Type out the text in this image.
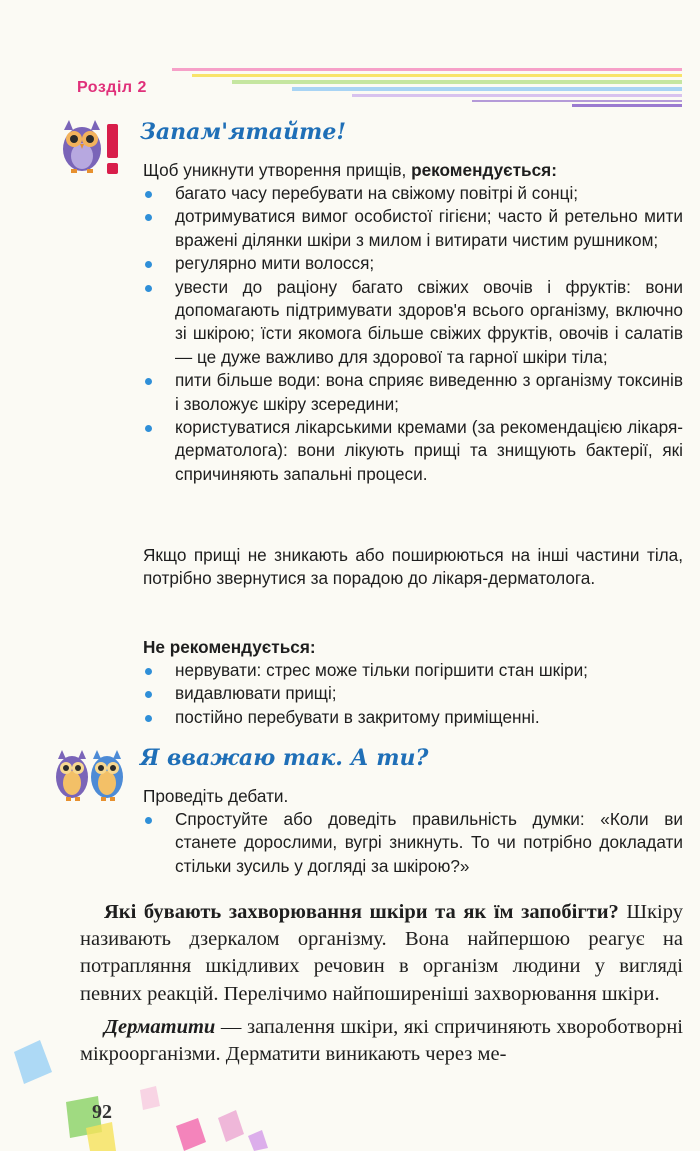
Розділ 2
Запам'ятайте!

Щоб уникнути утворення прищів, рекомендується:

багато часу перебувати на свіжому повітрі й сонці;
дотримуватися вимог особистої гігієни; часто й ретельно мити вражені ділянки шкіри з милом і витирати чистим рушником;
регулярно мити волосся;
увести до раціону багато свіжих овочів і фруктів: вони допомагають підтримувати здоров'я всього організму, включно зі шкірою; їсти якомога більше свіжих фруктів, овочів і салатів — це дуже важливо для здорової та гарної шкіри тіла;
пити більше води: вона сприяє виведенню з організму токсинів і зволожує шкіру зсередини;
користуватися лікарськими кремами (за рекомендацією лікаря-дерматолога): вони лікують прищі та знищують бактерії, які спричиняють запальні процеси.

Якщо прищі не зникають або поширюються на інші частини тіла, потрібно звернутися за порадою до лікаря-дерматолога.

Не рекомендується:

нервувати: стрес може тільки погіршити стан шкіри;
видавлювати прищі;
постійно перебувати в закритому приміщенні.
Я вважаю так. А ти?

Проведіть дебати.

Спростуйте або доведіть правильність думки: «Коли ви станете дорослими, вугрі зникнуть. То чи потрібно докладати стільки зусиль у догляді за шкірою?»

Які бувають захворювання шкіри та як їм запобігти? Шкіру називають дзеркалом організму. Вона найпершою реагує на потрапляння шкідливих речовин в організм людини у вигляді певних реакцій. Перелічимо найпоширеніші захворювання шкіри.

Дерматити — запалення шкіри, які спричиняють хвороботворні мікроорганізми. Дерматити виникають через ме-

92
